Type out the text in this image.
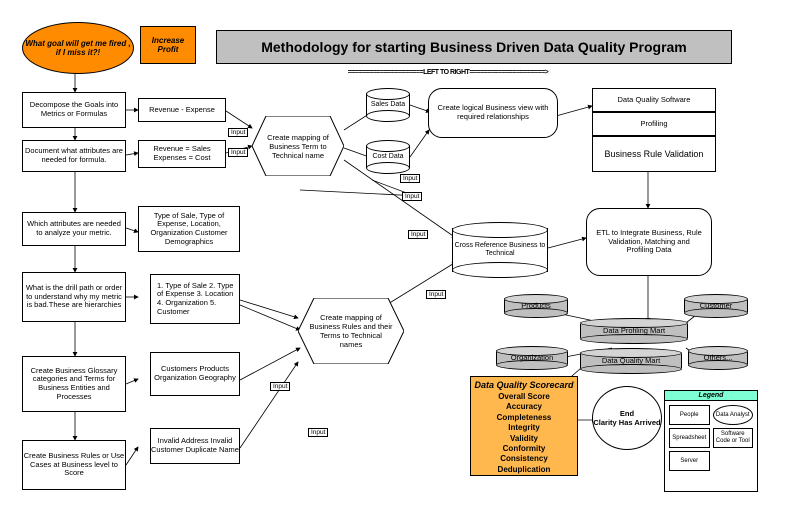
What goal will get me fired , if I miss it?!
Increase Profit	Methodology for starting Business Driven Data Quality Program
=====================LEFT TO RIGHT=====================>
Decompose the Goals into Metrics or Formulas
Document what attributes are needed for formula.
Which attributes are needed to analyze your metric.
What is the drill path or order to understand why my metric is bad.These are hierarchies
Create Business Glossary categories and Terms for Business Entities and Processes
Create Business Rules or Use Cases at Business level to Score
Revenue - Expense
Revenue = Sales Expenses = Cost
Type of Sale, Type of Expense, Location, Organization Customer Demographics
1. Type of Sale 2. Type of Expense 3. Location 4. Organization 5. Customer
Customers Products Organization Geography
Invalid Address Invalid Customer Duplicate Name
Create mapping of Business Term to Technical name
Create mapping of Business Rules and their Terms to Technical names
Sales Data
Cost Data
Cross Reference Business to Technical
Create logical Business view with required relationships
ETL to Integrate Business, Rule Validation, Matching and Profiling Data
Data Quality Software
Profiling
Business Rule Validation
Products	Customer
Organization	Others...
Data Profiling Mart
Data Quality Mart
Data Quality Scorecard
Overall Score
Accuracy
Completeness
Integrity
Validity
Conformity
Consistency
Deduplication
End
Clarity Has Arrived
Legend
People	Data Analyst
Spreadsheet
Software Code or Tool
Server
Input
Input
Input
Input
Input
Input
Input
Input
